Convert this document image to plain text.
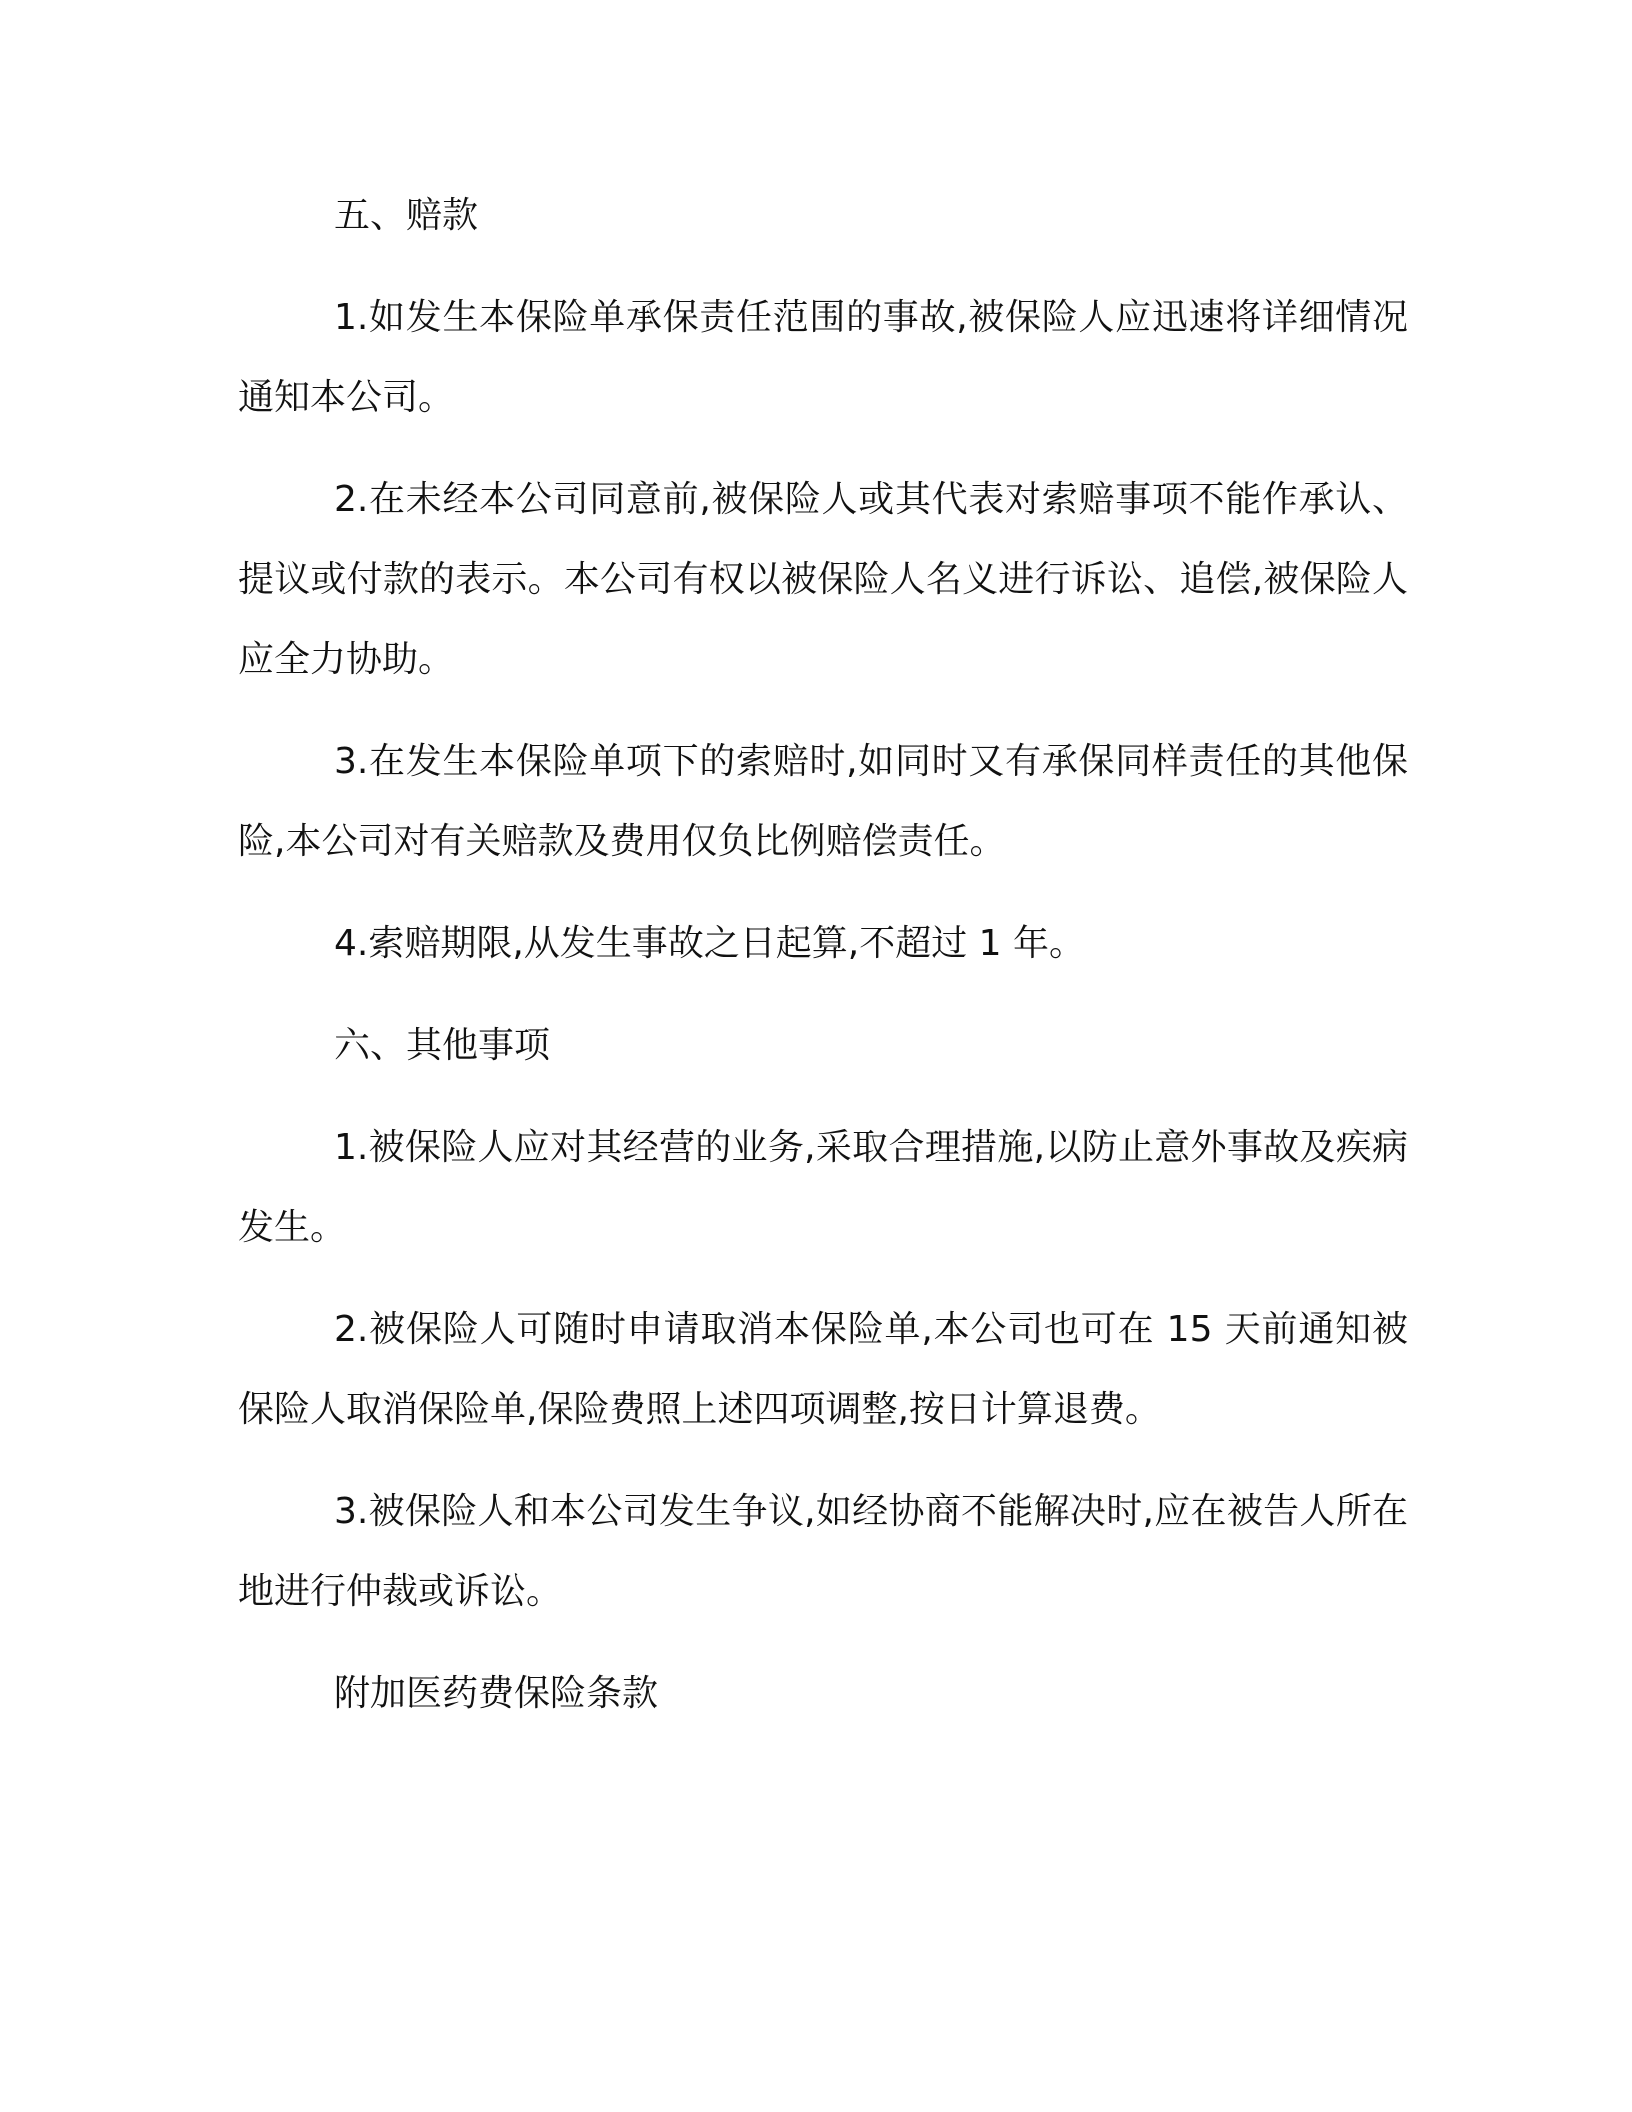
五、赔款
1.如发生本保险单承保责任范围的事故,被保险人应迅速将详细情况通知本公司。
2.在未经本公司同意前,被保险人或其代表对索赔事项不能作承认、提议或付款的表示。本公司有权以被保险人名义进行诉讼、追偿,被保险人应全力协助。
3.在发生本保险单项下的索赔时,如同时又有承保同样责任的其他保险,本公司对有关赔款及费用仅负比例赔偿责任。
4.索赔期限,从发生事故之日起算,不超过 1 年。
六、其他事项
1.被保险人应对其经营的业务,采取合理措施,以防止意外事故及疾病发生。
2.被保险人可随时申请取消本保险单,本公司也可在 15 天前通知被保险人取消保险单,保险费照上述四项调整,按日计算退费。
3.被保险人和本公司发生争议,如经协商不能解决时,应在被告人所在地进行仲裁或诉讼。
附加医药费保险条款
